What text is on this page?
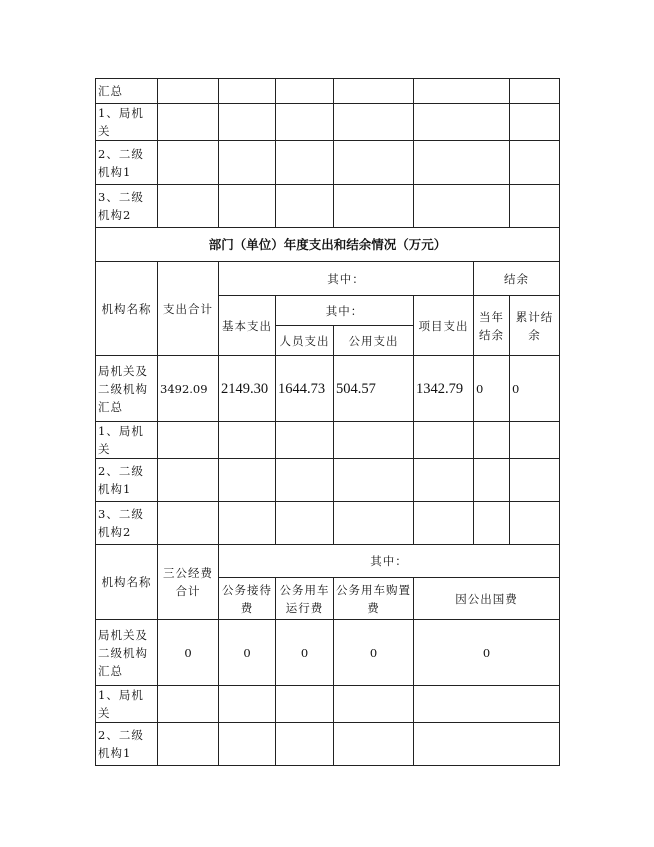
汇总							
1、局机关							
2、二级机构1							
3、二级机构2							
部门（单位）年度支出和结余情况（万元）							
机构名称	支出合计	其中：				结余	
		基本支出	其中：		项目支出	当年结余	累计结余
			人员支出	公用支出			
局机关及二级机构汇总	3492.09	2149.30	1644.73	504.57	1342.79	0	0
1、局机关							
2、二级机构1							
3、二级机构2							
机构名称	三公经费合计	其中：					
		公务接待费	公务用车运行费	公务用车购置费	因公出国费		
局机关及二级机构汇总	0	0	0	0	0		
1、局机关							
2、二级机构1							
